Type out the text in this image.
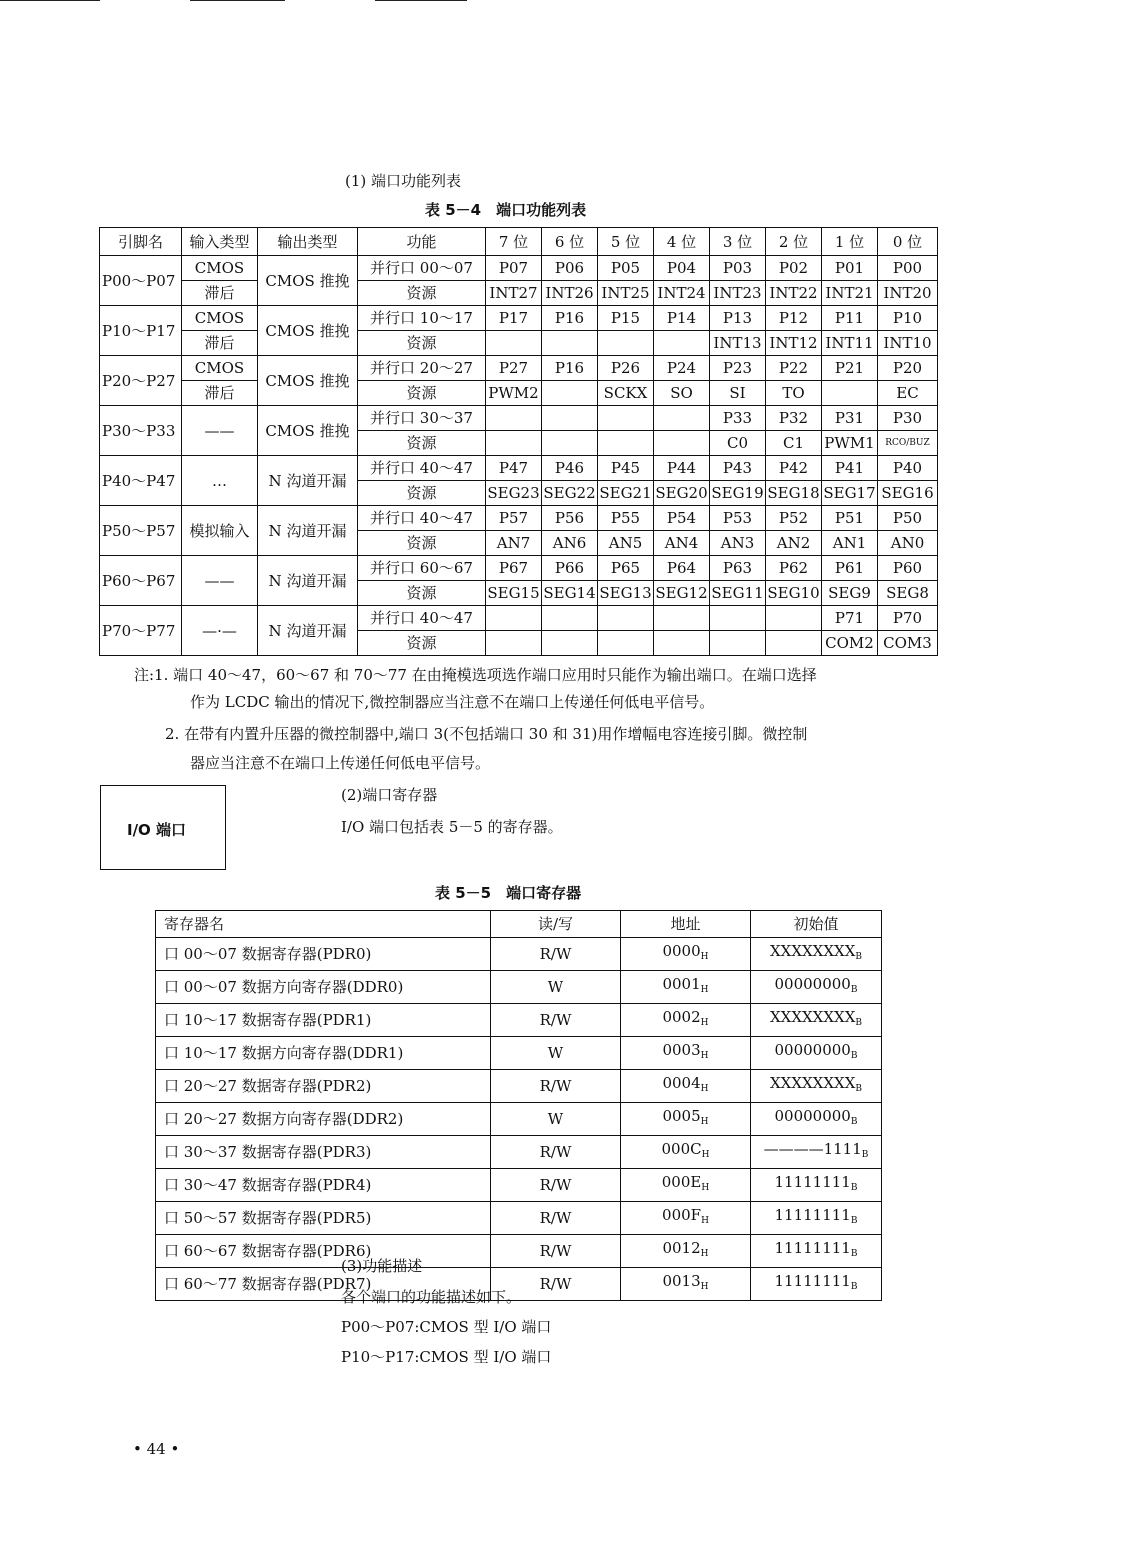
(1) 端口功能列表
表 5－4　端口功能列表
引脚名	输入类型	输出类型	功能	7 位	6 位	5 位	4 位	3 位	2 位	1 位	0 位
P00～P07	CMOS	CMOS 推挽	并行口 00～07	P07	P06	P05	P04	P03	P02	P01	P00
	滞后		资源	INT27	INT26	INT25	INT24	INT23	INT22	INT21	INT20
P10～P17	CMOS	CMOS 推挽	并行口 10～17	P17	P16	P15	P14	P13	P12	P11	P10
	滞后		资源					INT13	INT12	INT11	INT10
P20～P27	CMOS	CMOS 推挽	并行口 20～27	P27	P16	P26	P24	P23	P22	P21	P20
	滞后		资源	PWM2		SCKX	SO	SI	TO		EC
P30～P33	——	CMOS 推挽	并行口 30～37					P33	P32	P31	P30
			资源					C0	C1	PWM1	RCO/BUZ
P40～P47	…	N 沟道开漏	并行口 40～47	P47	P46	P45	P44	P43	P42	P41	P40
			资源	SEG23	SEG22	SEG21	SEG20	SEG19	SEG18	SEG17	SEG16
P50～P57	模拟输入	N 沟道开漏	并行口 40～47	P57	P56	P55	P54	P53	P52	P51	P50
			资源	AN7	AN6	AN5	AN4	AN3	AN2	AN1	AN0
P60～P67	——	N 沟道开漏	并行口 60～67	P67	P66	P65	P64	P63	P62	P61	P60
			资源	SEG15	SEG14	SEG13	SEG12	SEG11	SEG10	SEG9	SEG8
P70～P77	—·—	N 沟道开漏	并行口 40～47							P71	P70
			资源							COM2	COM3
注:1. 端口 40～47，60～67 和 70～77 在由掩模选项选作端口应用时只能作为输出端口。在端口选择
作为 LCDC 输出的情况下,微控制器应当注意不在端口上传递任何低电平信号。
2. 在带有内置升压器的微控制器中,端口 3(不包括端口 30 和 31)用作增幅电容连接引脚。微控制
器应当注意不在端口上传递任何低电平信号。
I/O 端口
(2)端口寄存器
I/O 端口包括表 5－5 的寄存器。
表 5－5　端口寄存器
寄存器名	读/写	地址	初始值
口 00～07 数据寄存器(PDR0)	R/W	$0000_H$	$XXXXXXXX_B$
口 00～07 数据方向寄存器(DDR0)	W	$0001_H$	$00000000_B$
口 10～17 数据寄存器(PDR1)	R/W	$0002_H$	$XXXXXXXX_B$
口 10～17 数据方向寄存器(DDR1)	W	$0003_H$	$00000000_B$
口 20～27 数据寄存器(PDR2)	R/W	$0004_H$	$XXXXXXXX_B$
口 20～27 数据方向寄存器(DDR2)	W	$0005_H$	$00000000_B$
口 30～37 数据寄存器(PDR3)	R/W	$000C_H$	$————1111_B$
口 30～47 数据寄存器(PDR4)	R/W	$000E_H$	$11111111_B$
口 50～57 数据寄存器(PDR5)	R/W	$000F_H$	$11111111_B$
口 60～67 数据寄存器(PDR6)	R/W	$0012_H$	$11111111_B$
口 60～77 数据寄存器(PDR7)	R/W	$0013_H$	$11111111_B$
(3)功能描述
各个端口的功能描述如下。
P00～P07:CMOS 型 I/O 端口
P10～P17:CMOS 型 I/O 端口
• 44 •
